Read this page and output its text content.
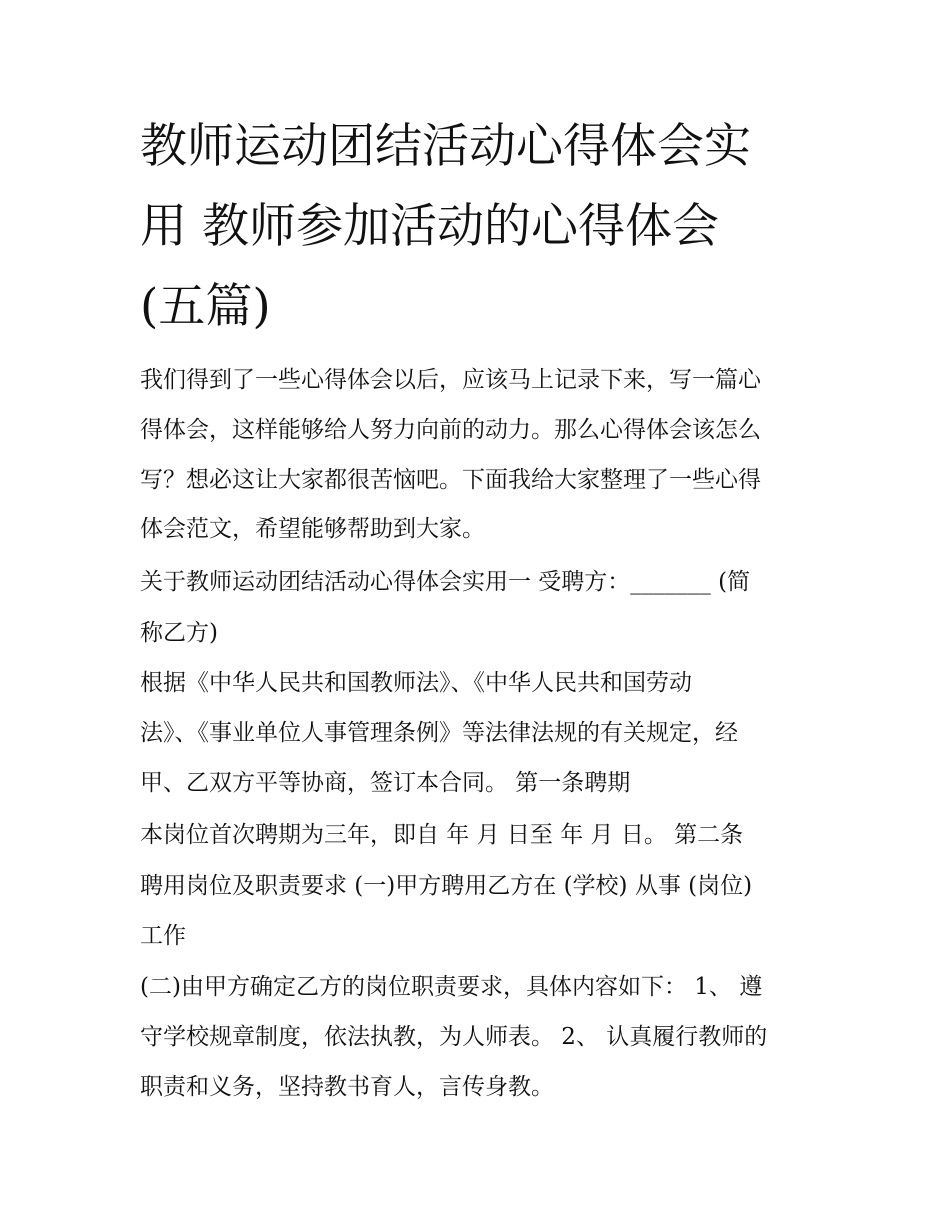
教师运动团结活动心得体会实
用 教师参加活动的心得体会
(五篇)

我们得到了一些心得体会以后，应该马上记录下来，写一篇心

得体会，这样能够给人努力向前的动力。那么心得体会该怎么

写？想必这让大家都很苦恼吧。下面我给大家整理了一些心得

体会范文，希望能够帮助到大家。

关于教师运动团结活动心得体会实用一 受聘方：_______ (简

称乙方)

根据《中华人民共和国教师法》、《中华人民共和国劳动

法》、《事业单位人事管理条例》等法律法规的有关规定，经

甲、乙双方平等协商，签订本合同。 第一条聘期

本岗位首次聘期为三年，即自 年 月 日至 年 月 日。 第二条

聘用岗位及职责要求 (一)甲方聘用乙方在 (学校) 从事 (岗位)

工作

(二)由甲方确定乙方的岗位职责要求，具体内容如下： 1、 遵

守学校规章制度，依法执教，为人师表。 2、 认真履行教师的

职责和义务，坚持教书育人，言传身教。
